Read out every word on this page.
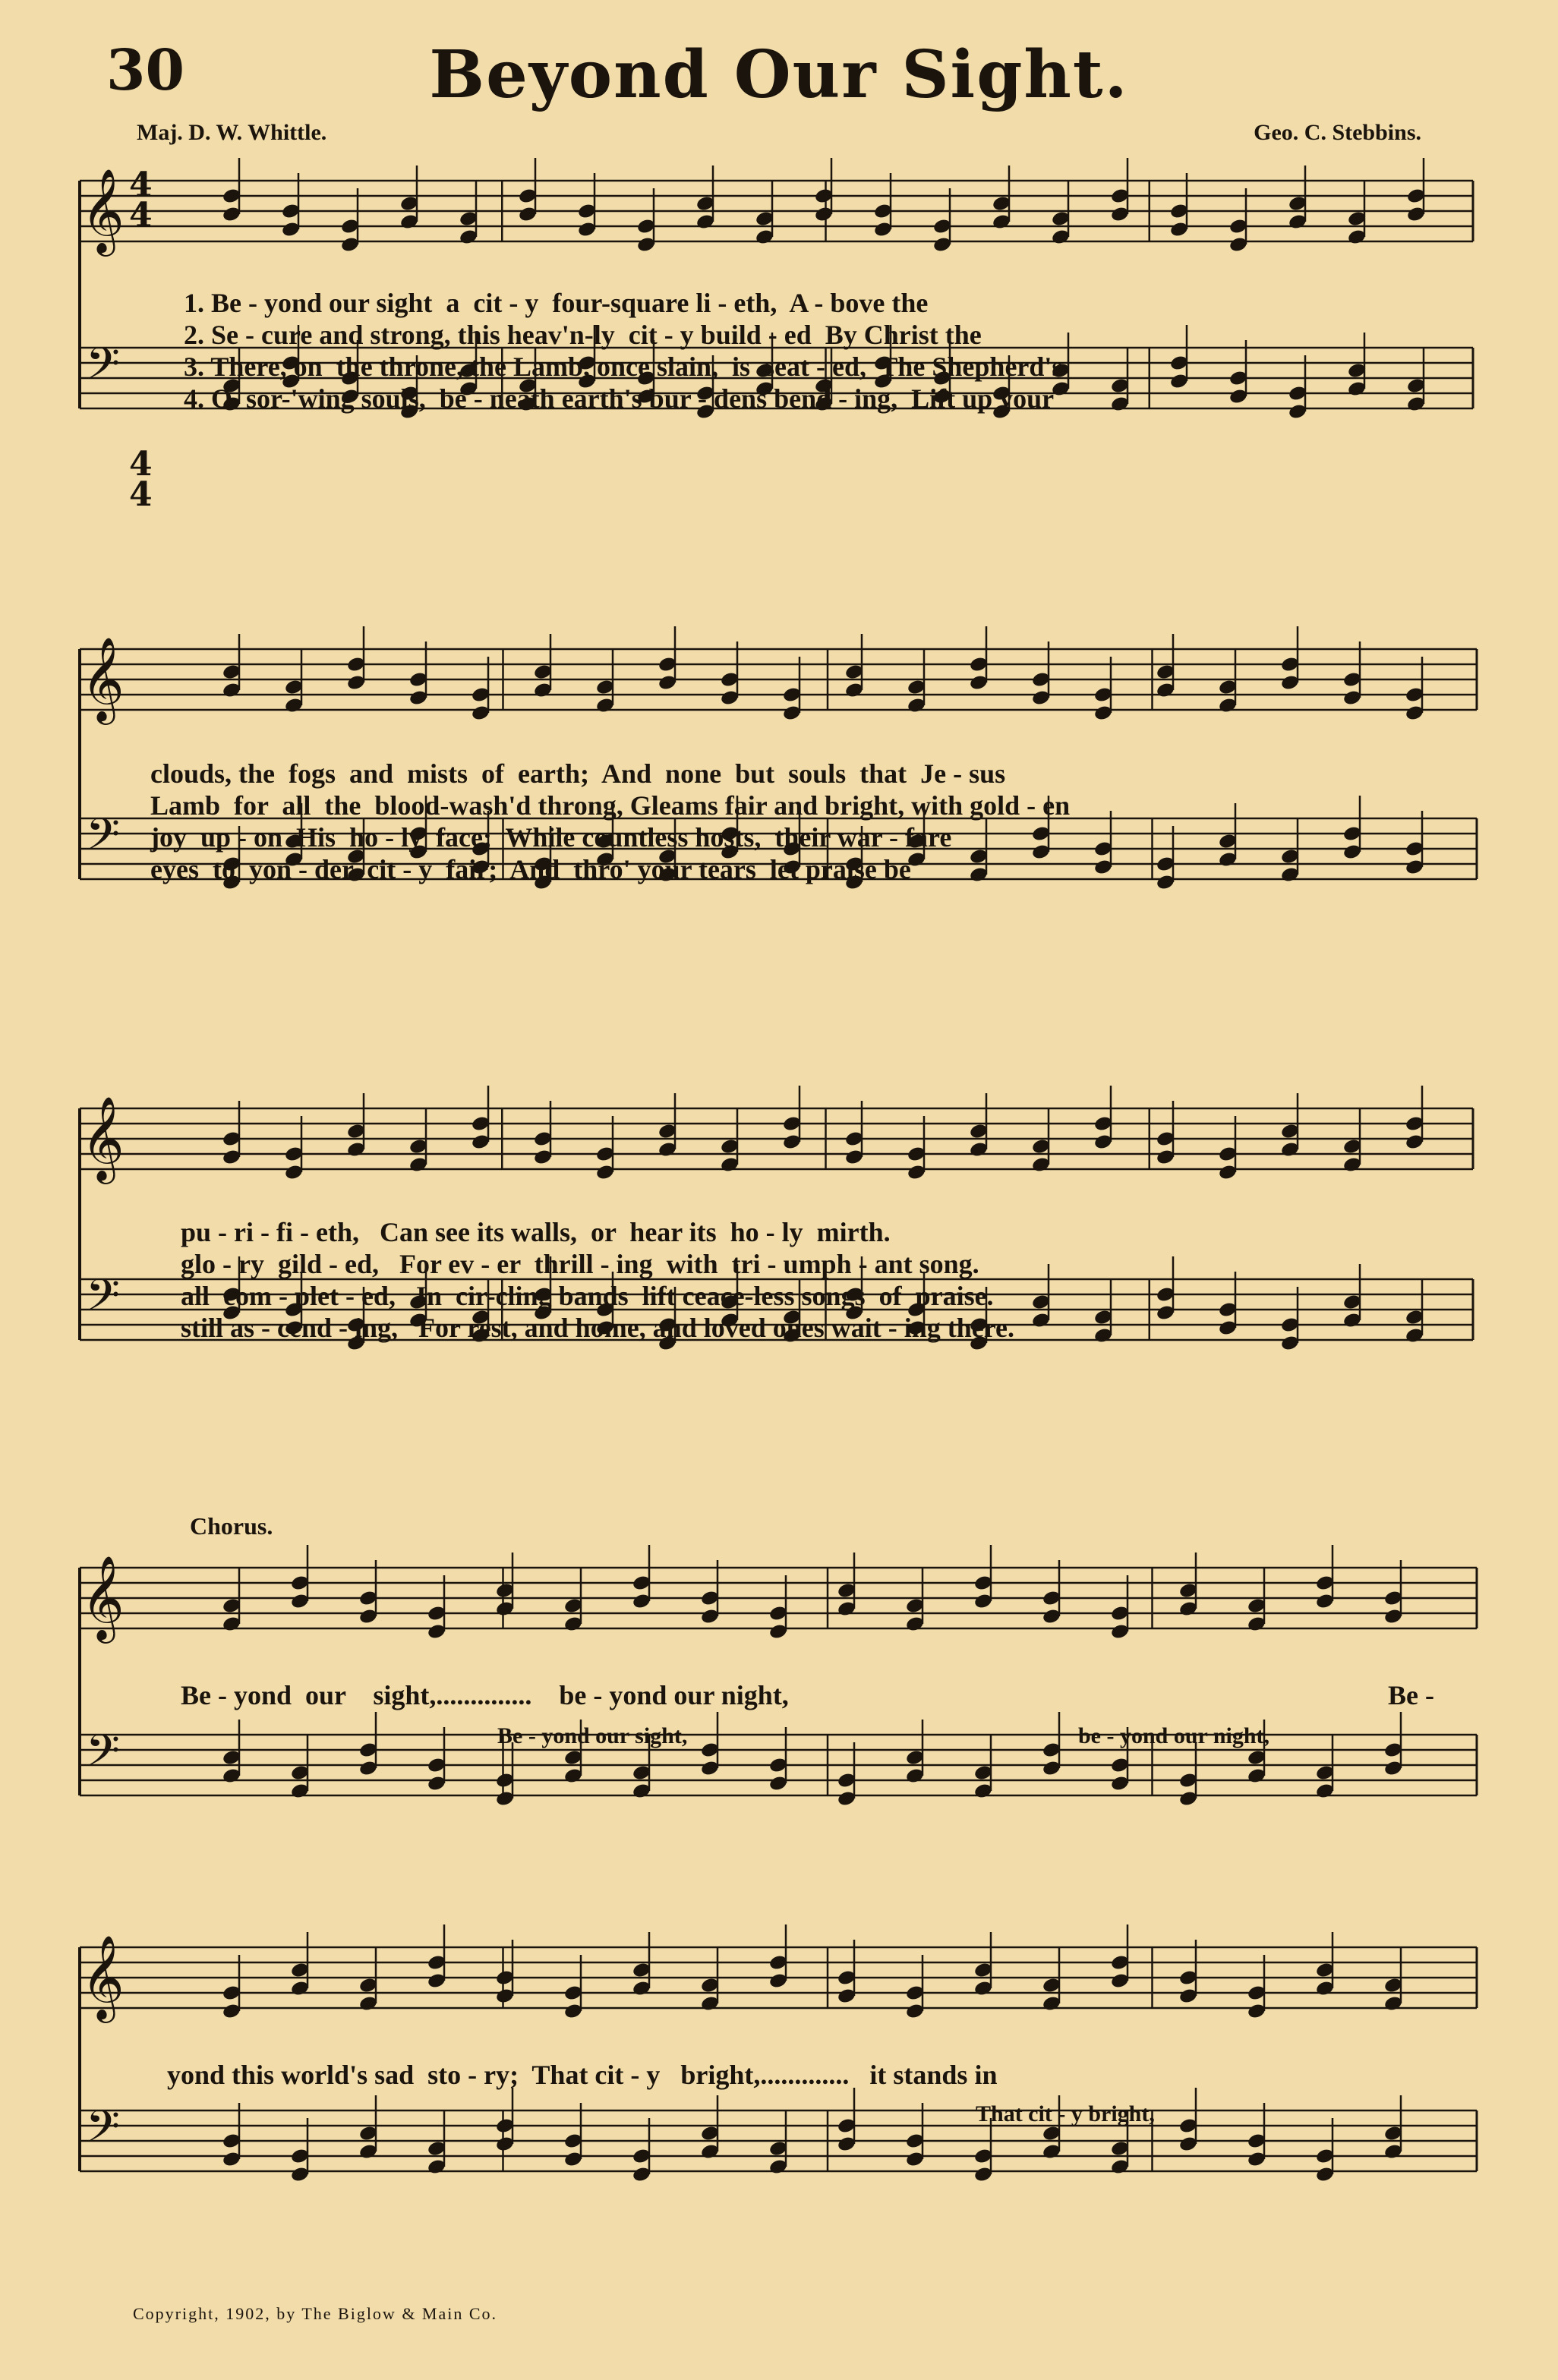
30	Beyond Our Sight.
Maj. D. W. Whittle.	Geo. C. Stebbins.
𝄞
𝄢
𝄞
𝄢
𝄞
𝄢
𝄞
𝄢
𝄞
𝄢
4
4
4
4
1. Be - yond our sight  a  cit - y  four-square li - eth,  A - bove the
2. Se - cure and strong, this heav'n-ly  cit - y build - ed  By Christ the
3. There, on  the throne, the Lamb, once slain,  is  seat - ed,  The Shepherd's
4. O  sor-'wing souls,  be - neath earth's bur - dens bend - ing,  Lift up your
clouds, the  fogs  and  mists  of  earth;  And  none  but  souls  that  Je - sus
Lamb  for  all  the  blood-wash'd throng, Gleams fair and bright, with gold - en
joy  up - on  His  ho - ly  face;  While countless hosts,  their war - fare
eyes  to  yon - der  cit - y  fair;  And  thro' your tears  let praise be
pu - ri - fi - eth,   Can see its walls,  or  hear its  ho - ly  mirth.
glo - ry  gild - ed,   For ev - er  thrill - ing  with  tri - umph - ant song.
all  com - plet - ed,   In  cir-cling bands  lift ceace-less songs  of  praise.
still as - cend - ing,   For rest, and home, and loved ones wait - ing there.
Chorus.
Be - yond  our    sight,..............    be - yond our night,	Be -
Be - yond our sight,	be - yond our night,
yond this world's sad  sto - ry;  That cit - y   bright,.............   it stands in
That cit - y bright,
Copyright, 1902, by The Biglow & Main Co.
